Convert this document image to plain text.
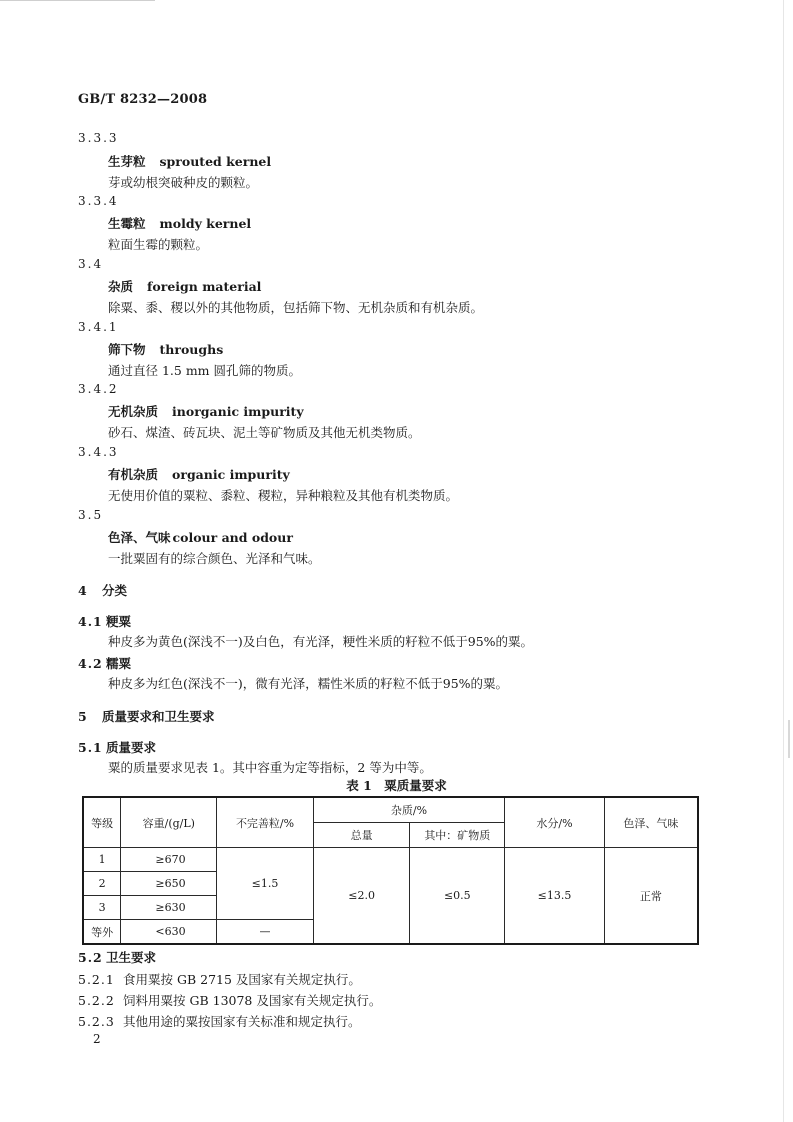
GB/T 8232—2008
3.3.3
生芽粒 sprouted kernel
芽或幼根突破种皮的颗粒。
3.3.4
生霉粒 moldy kernel
粒面生霉的颗粒。
3.4
杂质 foreign material
除粟、黍、稷以外的其他物质，包括筛下物、无机杂质和有机杂质。
3.4.1
筛下物 throughs
通过直径 1.5 mm 圆孔筛的物质。
3.4.2
无机杂质 inorganic impurity
砂石、煤渣、砖瓦块、泥土等矿物质及其他无机类物质。
3.4.3
有机杂质 organic impurity
无使用价值的粟粒、黍粒、稷粒，异种粮粒及其他有机类物质。
3.5
色泽、气味 colour and odour
一批粟固有的综合颜色、光泽和气味。
4 分类
4.1 粳粟
种皮多为黄色(深浅不一)及白色，有光泽，粳性米质的籽粒不低于95%的粟。
4.2 糯粟
种皮多为红色(深浅不一)，微有光泽，糯性米质的籽粒不低于95%的粟。
5 质量要求和卫生要求
5.1 质量要求
粟的质量要求见表 1。其中容重为定等指标，2 等为中等。
表 1　粟质量要求
等级	容重/(g/L)	不完善粒/%	杂质/%		水分/%	色泽、气味
			总量	其中：矿物质		
1	≥670	≤1.5	≤2.0	≤0.5	≤13.5	正常
2	≥650					
3	≥630					
等外	<630	—				
5.2 卫生要求
5.2.1 食用粟按 GB 2715 及国家有关规定执行。
5.2.2 饲料用粟按 GB 13078 及国家有关规定执行。
5.2.3 其他用途的粟按国家有关标准和规定执行。
2
